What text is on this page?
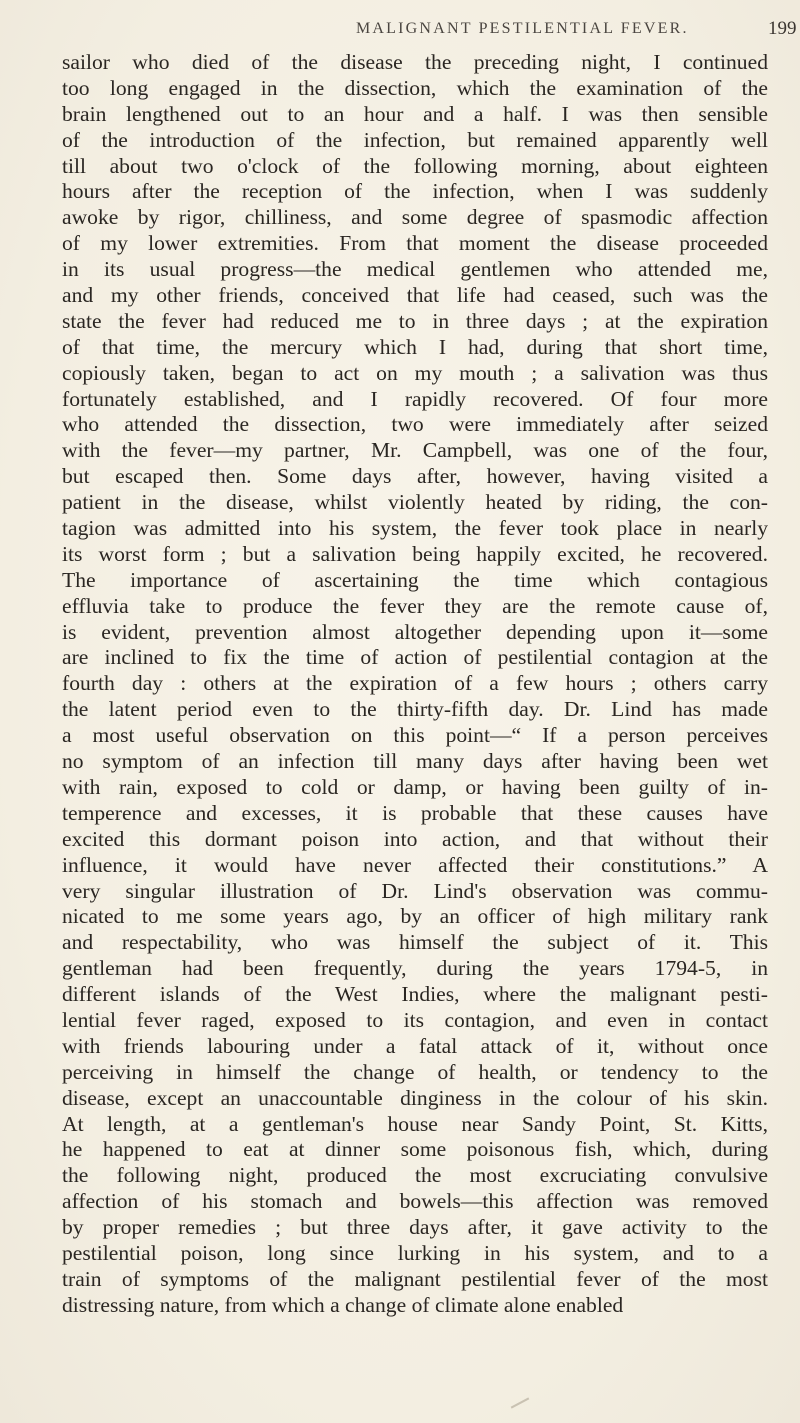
MALIGNANT PESTILENTIAL FEVER.	199
sailor who died of the disease the preceding night, I continued
too long engaged in the dissection, which the examination of the
brain lengthened out to an hour and a half. I was then sensible
of the introduction of the infection, but remained apparently well
till about two o'clock of the following morning, about eighteen
hours after the reception of the infection, when I was suddenly
awoke by rigor, chilliness, and some degree of spasmodic affection
of my lower extremities. From that moment the disease proceeded
in its usual progress—the medical gentlemen who attended me,
and my other friends, conceived that life had ceased, such was the
state the fever had reduced me to in three days ; at the expiration
of that time, the mercury which I had, during that short time,
copiously taken, began to act on my mouth ; a salivation was thus
fortunately established, and I rapidly recovered. Of four more
who attended the dissection, two were immediately after seized
with the fever—my partner, Mr. Campbell, was one of the four,
but escaped then. Some days after, however, having visited a
patient in the disease, whilst violently heated by riding, the con-
tagion was admitted into his system, the fever took place in nearly
its worst form ; but a salivation being happily excited, he recovered.
The importance of ascertaining the time which contagious
effluvia take to produce the fever they are the remote cause of,
is evident, prevention almost altogether depending upon it—some
are inclined to fix the time of action of pestilential contagion at the
fourth day : others at the expiration of a few hours ; others carry
the latent period even to the thirty-fifth day. Dr. Lind has made
a most useful observation on this point—“ If a person perceives
no symptom of an infection till many days after having been wet
with rain, exposed to cold or damp, or having been guilty of in-
temperence and excesses, it is probable that these causes have
excited this dormant poison into action, and that without their
influence, it would have never affected their constitutions.” A
very singular illustration of Dr. Lind's observation was commu-
nicated to me some years ago, by an officer of high military rank
and respectability, who was himself the subject of it. This
gentleman had been frequently, during the years 1794-5, in
different islands of the West Indies, where the malignant pesti-
lential fever raged, exposed to its contagion, and even in contact
with friends labouring under a fatal attack of it, without once
perceiving in himself the change of health, or tendency to the
disease, except an unaccountable dinginess in the colour of his skin.
At length, at a gentleman's house near Sandy Point, St. Kitts,
he happened to eat at dinner some poisonous fish, which, during
the following night, produced the most excruciating convulsive
affection of his stomach and bowels—this affection was removed
by proper remedies ; but three days after, it gave activity to the
pestilential poison, long since lurking in his system, and to a
train of symptoms of the malignant pestilential fever of the most
distressing nature, from which a change of climate alone enabled
